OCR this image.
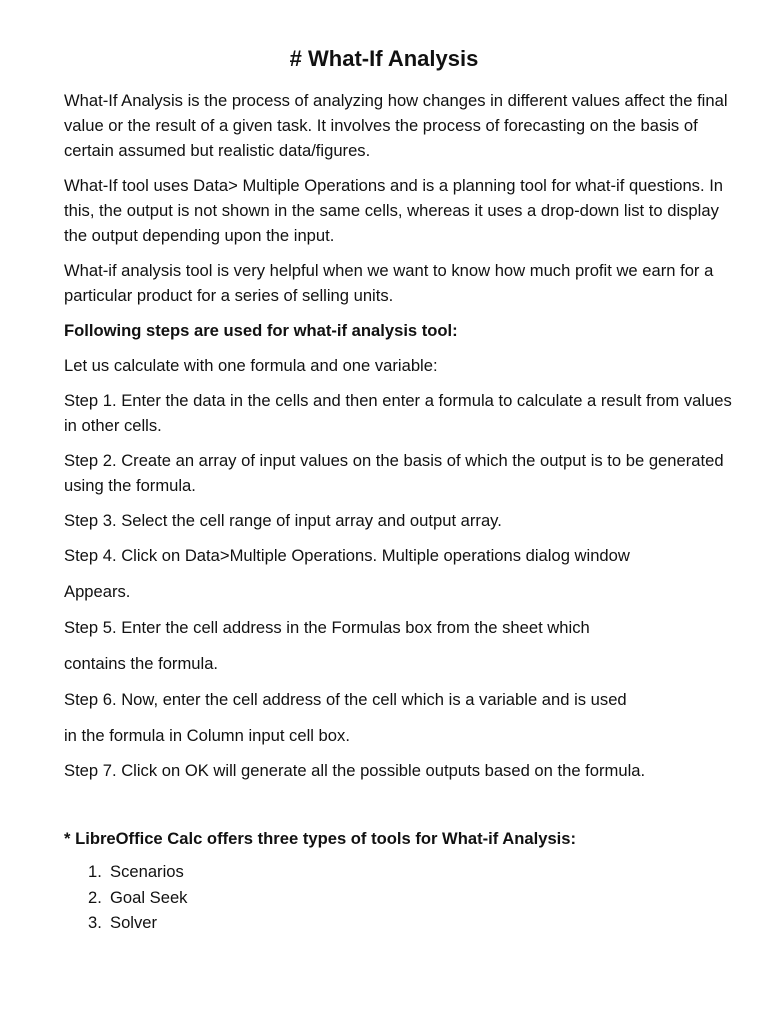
# What-If Analysis

What-If Analysis is the process of analyzing how changes in different values affect the final value or the result of a given task. It involves the process of forecasting on the basis of certain assumed but realistic data/figures.

What-If tool uses Data> Multiple Operations and is a planning tool for what-if questions. In this, the output is not shown in the same cells, whereas it uses a drop-down list to display the output depending upon the input.

What-if analysis tool is very helpful when we want to know how much profit we earn for a particular product for a series of selling units.

Following steps are used for what-if analysis tool:

Let us calculate with one formula and one variable:

Step 1. Enter the data in the cells and then enter a formula to calculate a result from values in other cells.

Step 2. Create an array of input values on the basis of which the output is to be generated using the formula.

Step 3. Select the cell range of input array and output array.

Step 4. Click on Data>Multiple Operations. Multiple operations dialog window

Appears.

Step 5. Enter the cell address in the Formulas box from the sheet which

contains the formula.

Step 6. Now, enter the cell address of the cell which is a variable and is used

in the formula in Column input cell box.

Step 7. Click on OK will generate all the possible outputs based on the formula.

* LibreOffice Calc offers three types of tools for What-if Analysis:

1. Scenarios
2. Goal Seek
3. Solver
